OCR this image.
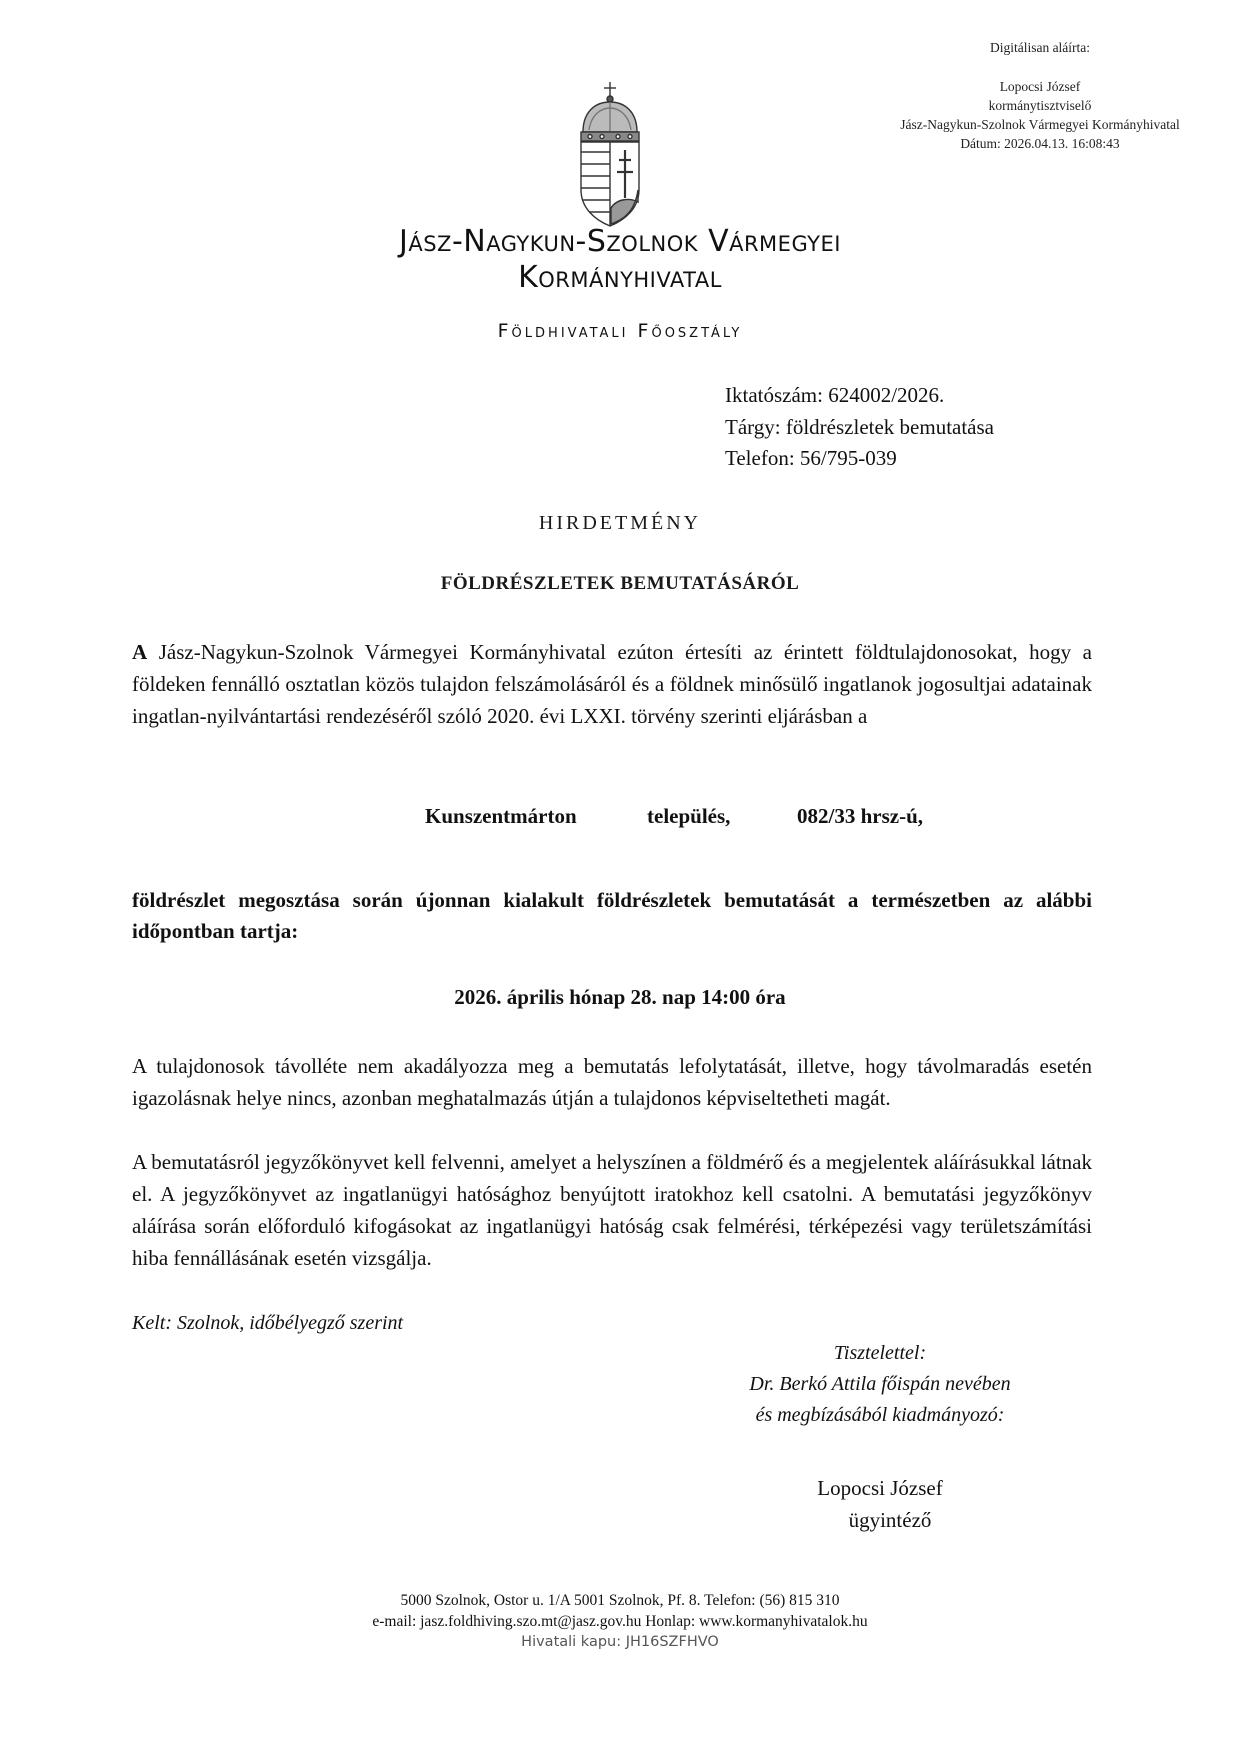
Digitálisan aláírta:
Lopocsi József
kormánytisztviselő
Jász-Nagykun-Szolnok Vármegyei Kormányhivatal
Dátum: 2026.04.13. 16:08:43
Jász-Nagykun-Szolnok Vármegyei
Kormányhivatal
Földhivatali Főosztály
Iktatószám: 624002/2026.
Tárgy: földrészletek bemutatása
Telefon: 56/795-039
HIRDETMÉNY
FÖLDRÉSZLETEK BEMUTATÁSÁRÓL
A Jász-Nagykun-Szolnok Vármegyei Kormányhivatal ezúton értesíti az érintett földtulajdonosokat, hogy a földeken fennálló osztatlan közös tulajdon felszámolásáról és a földnek minősülő ingatlanok jogosultjai adatainak ingatlan-nyilvántartási rendezéséről szóló 2020. évi LXXI. törvény szerinti eljárásban a
Kunszentmárton	település,	082/33 hrsz-ú,
földrészlet megosztása során újonnan kialakult földrészletek bemutatását a természetben az alábbi időpontban tartja:
2026. április hónap 28. nap 14:00 óra
A tulajdonosok távolléte nem akadályozza meg a bemutatás lefolytatását, illetve, hogy távolmaradás esetén igazolásnak helye nincs, azonban meghatalmazás útján a tulajdonos képviseltetheti magát.
A bemutatásról jegyzőkönyvet kell felvenni, amelyet a helyszínen a földmérő és a megjelentek aláírásukkal látnak el. A jegyzőkönyvet az ingatlanügyi hatósághoz benyújtott iratokhoz kell csatolni. A bemutatási jegyzőkönyv aláírása során előforduló kifogásokat az ingatlanügyi hatóság csak felmérési, térképezési vagy területszámítási hiba fennállásának esetén vizsgálja.
Kelt: Szolnok, időbélyegző szerint
Tisztelettel:
Dr. Berkó Attila főispán nevében
és megbízásából kiadmányozó:
Lopocsi József
ügyintéző
5000 Szolnok, Ostor u. 1/A 5001 Szolnok, Pf. 8. Telefon: (56) 815 310
e-mail: jasz.foldhiving.szo.mt@jasz.gov.hu Honlap: www.kormanyhivatalok.hu
Hivatali kapu: JH16SZFHVO
